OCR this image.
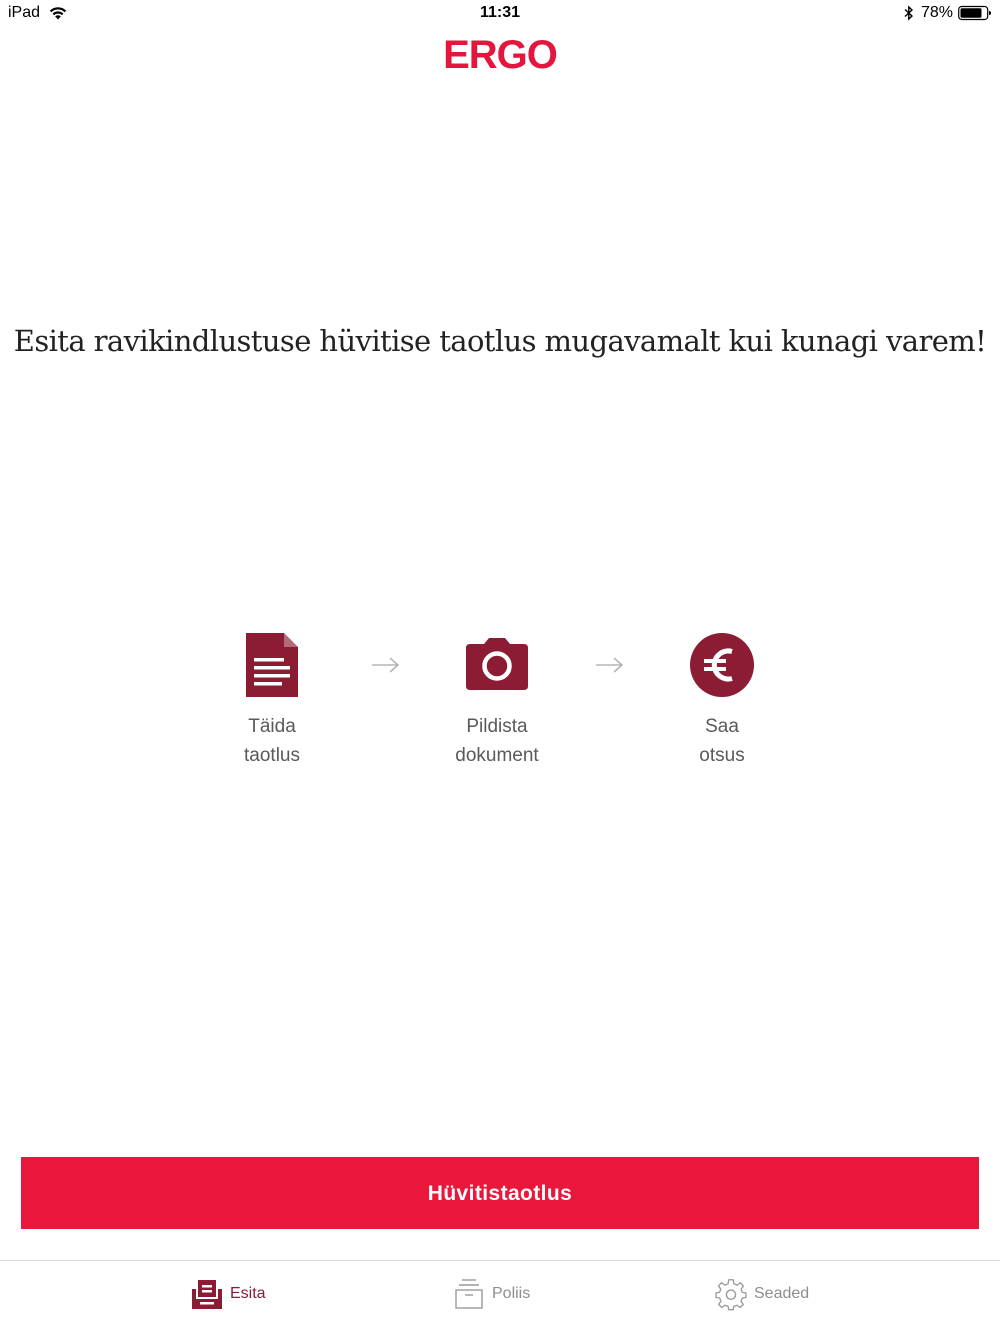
iPad	11:31	78%
ERGO
Esita ravikindlustuse hüvitise taotlus mugavamalt kui kunagi varem!
Täida
taotlus
Pildista
dokument
Saa
otsus
Hüvitistaotlus
Esita	Poliis	Seaded
